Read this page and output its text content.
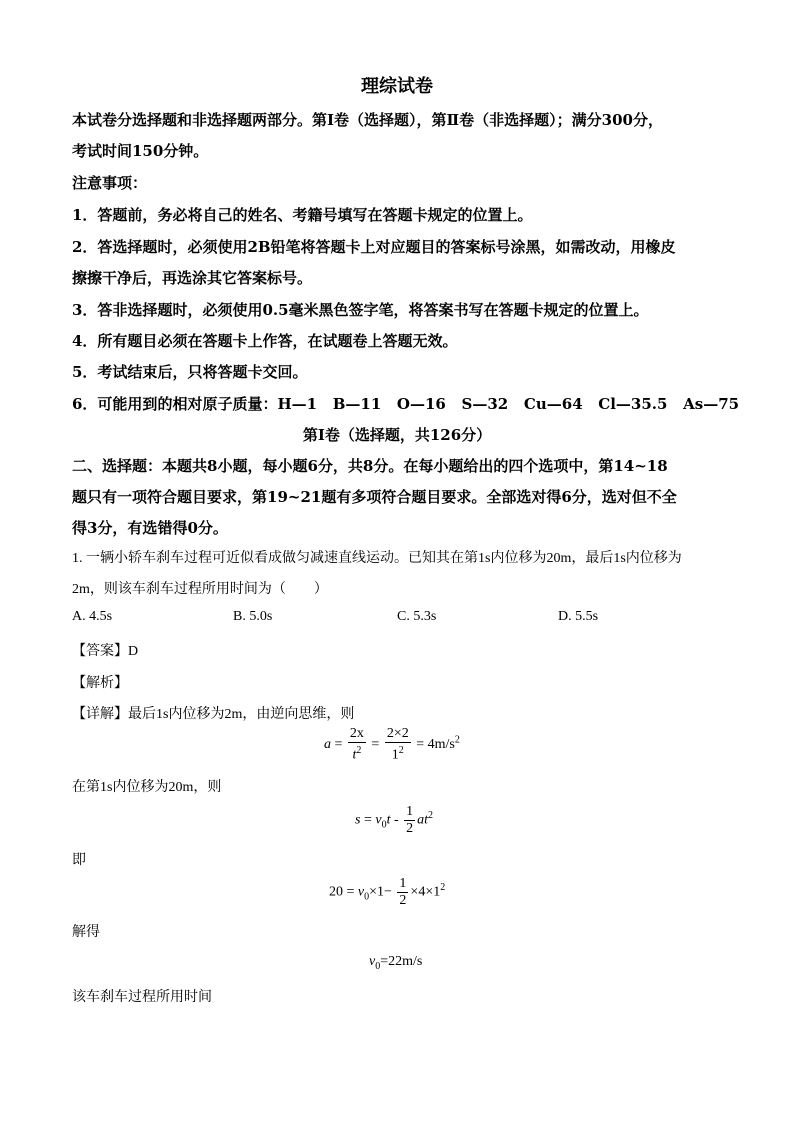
理综试卷
本试卷分选择题和非选择题两部分。第Ⅰ卷（选择题），第Ⅱ卷（非选择题）；满分300分，
考试时间150分钟。
注意事项：
1．答题前，务必将自己的姓名、考籍号填写在答题卡规定的位置上。
2．答选择题时，必须使用2B铅笔将答题卡上对应题目的答案标号涂黑，如需改动，用橡皮
擦擦干净后，再选涂其它答案标号。
3．答非选择题时，必须使用0.5毫米黑色签字笔，将答案书写在答题卡规定的位置上。
4．所有题目必须在答题卡上作答，在试题卷上答题无效。
5．考试结束后，只将答题卡交回。
6．可能用到的相对原子质量：H—1   B—11   O—16   S—32   Cu—64   Cl—35.5   As—75
第Ⅰ卷（选择题，共126分）
二、选择题：本题共8小题，每小题6分，共8分。在每小题给出的四个选项中，第14~18
题只有一项符合题目要求，第19~21题有多项符合题目要求。全部选对得6分，选对但不全
得3分，有选错得0分。
1. 一辆小轿车刹车过程可近似看成做匀减速直线运动。已知其在第1s内位移为20m，最后1s内位移为
2m，则该车刹车过程所用时间为（　　）
A. 4.5s	B. 5.0s	C. 5.3s	D. 5.5s
【答案】D
【解析】
【详解】最后1s内位移为2m，由逆向思维，则
$a = \frac{2x}{t^2} = \frac{2\times 2}{1^2} = 4m/s^2$
在第1s内位移为20m，则
$s = v_0t - \frac{1}{2} at^2$
即
$20 = v_0\times 1- \frac{1}{2} \times 4\times 1^2$
解得
$v_0=22m/s$
该车刹车过程所用时间
